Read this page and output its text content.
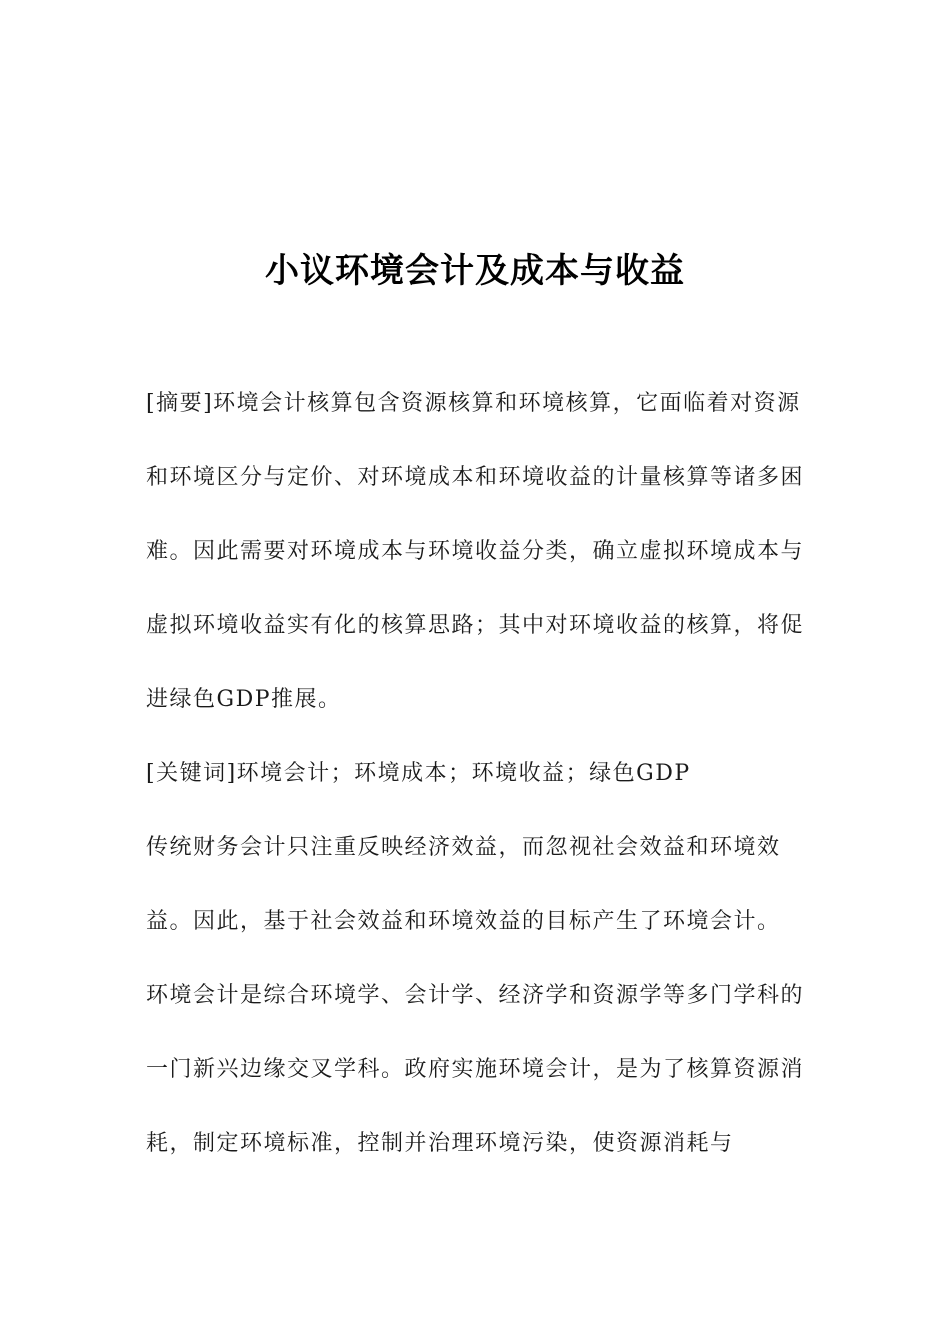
小议环境会计及成本与收益

[摘要]环境会计核算包含资源核算和环境核算，它面临着对资源和环境区分与定价、对环境成本和环境收益的计量核算等诸多困难。因此需要对环境成本与环境收益分类，确立虚拟环境成本与虚拟环境收益实有化的核算思路；其中对环境收益的核算，将促进绿色GDP推展。

[关键词]环境会计；环境成本；环境收益；绿色GDP

传统财务会计只注重反映经济效益，而忽视社会效益和环境效益。因此，基于社会效益和环境效益的目标产生了环境会计。

环境会计是综合环境学、会计学、经济学和资源学等多门学科的一门新兴边缘交叉学科。政府实施环境会计，是为了核算资源消耗，制定环境标准，控制并治理环境污染，使资源消耗与
